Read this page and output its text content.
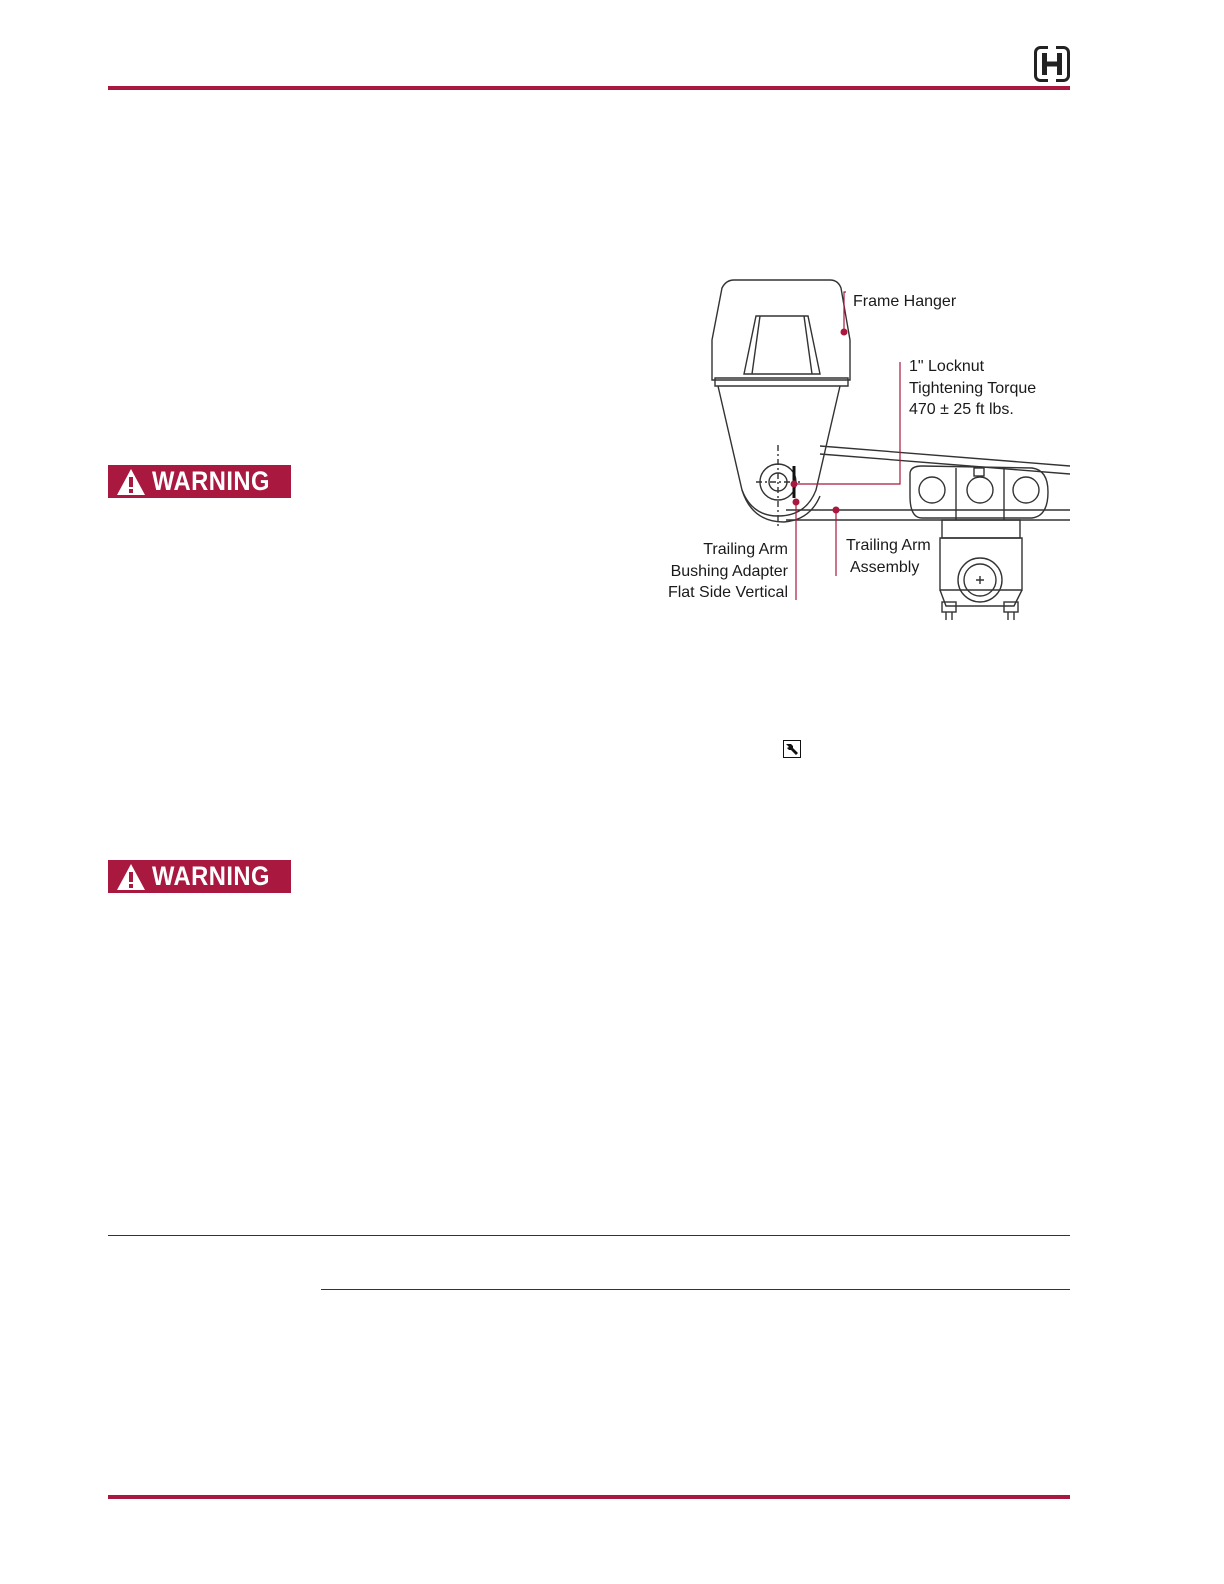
WARNING
WARNING
Frame Hanger
1" Locknut
Tightening Torque
470 ± 25 ft lbs.
Trailing Arm
Assembly
Trailing Arm
Bushing Adapter
Flat Side Vertical
